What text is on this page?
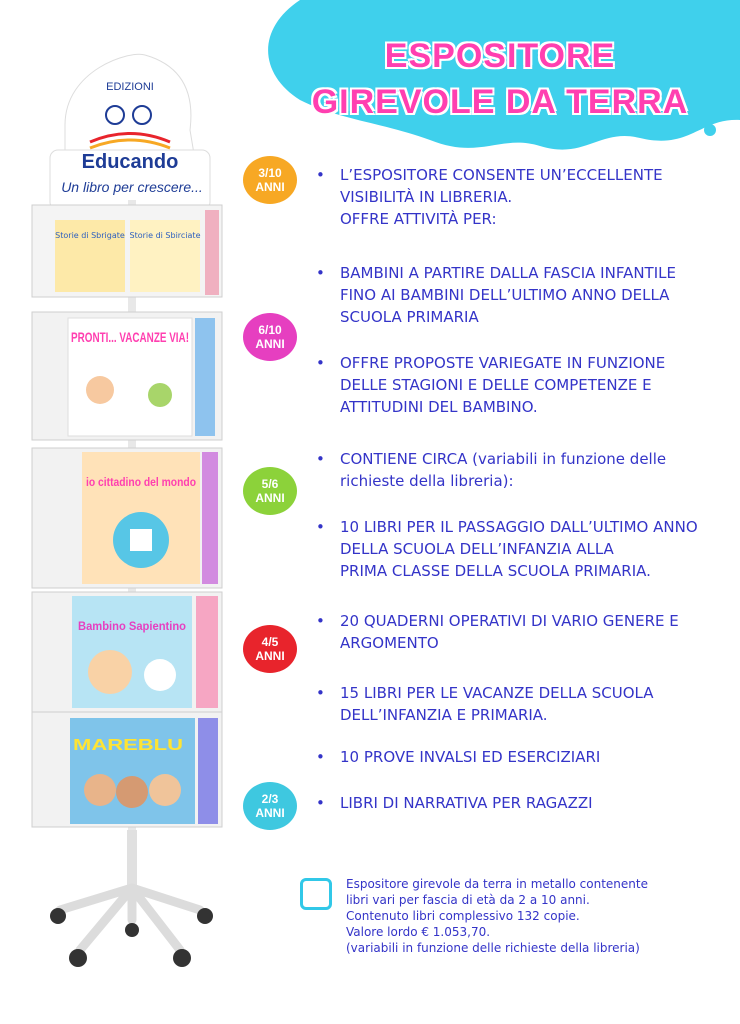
ESPOSITORE
GIREVOLE DA TERRA
EDIZIONI
Educando
Un libro per crescere...
Storie di Sbrigate Storie di Sbirciate
PRONTI... VACANZE VIA!
io cittadino del mondo
Bambino Sapientino
MAREBLU
3/10
ANNI
6/10
ANNI
5/6
ANNI
4/5
ANNI
2/3
ANNI
• L’ESPOSITORE CONSENTE UN’ECCELLENTE
VISIBILITÀ IN LIBRERIA.
OFFRE ATTIVITÀ PER:
• BAMBINI A PARTIRE DALLA FASCIA INFANTILE
FINO AI BAMBINI DELL’ULTIMO ANNO DELLA
SCUOLA PRIMARIA
• OFFRE PROPOSTE VARIEGATE IN FUNZIONE
DELLE STAGIONI E DELLE COMPETENZE E
ATTITUDINI DEL BAMBINO.
• CONTIENE CIRCA (variabili in funzione delle
richieste della libreria):
• 10 LIBRI PER IL PASSAGGIO DALL’ULTIMO ANNO
DELLA SCUOLA DELL’INFANZIA ALLA
PRIMA CLASSE DELLA SCUOLA PRIMARIA.
• 20 QUADERNI OPERATIVI DI VARIO GENERE E
ARGOMENTO
• 15 LIBRI PER LE VACANZE DELLA SCUOLA
DELL’INFANZIA E PRIMARIA.
• 10 PROVE INVALSI ED ESERCIZIARI
• LIBRI DI NARRATIVA PER RAGAZZI
Espositore girevole da terra in metallo contenente
libri vari per fascia di età da 2 a 10 anni.
Contenuto libri complessivo 132 copie.
Valore lordo € 1.053,70.
(variabili in funzione delle richieste della libreria)
